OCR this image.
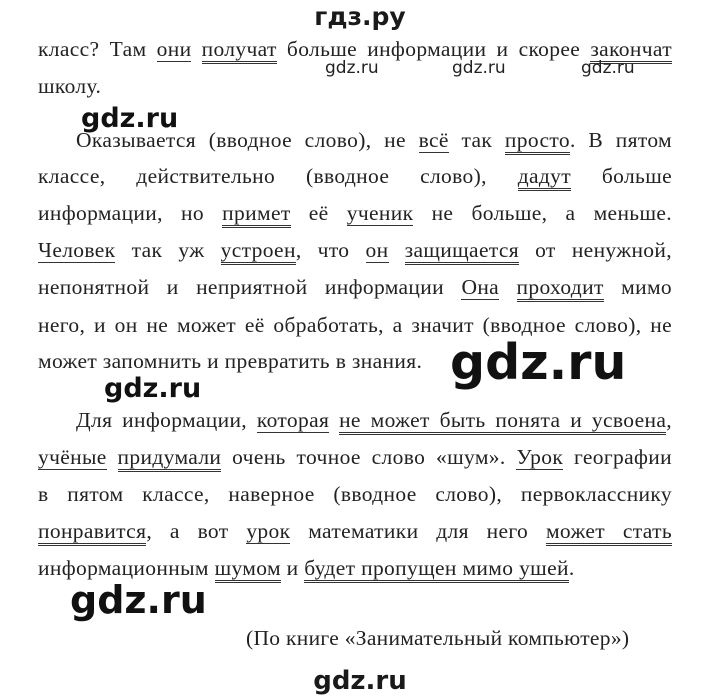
гдз.ру
класс? Там они получат больше информации и скорее закончат
школу.
Оказывается (вводное слово), не всё так просто. В пятом
классе, действительно (вводное слово), дадут больше
информации, но примет её ученик не больше, а меньше.
Человек так уж устроен, что он защищается от ненужной,
непонятной и неприятной информации Она проходит мимо
него, и он не может её обработать, а значит (вводное слово), не
может запомнить и превратить в знания.
Для информации, которая не может быть понята и усвоена,
учёные придумали очень точное слово «шум». Урок географии
в пятом классе, наверное (вводное слово), первокласснику
понравится, а вот урок математики для него может стать
информационным шумом и будет пропущен мимо ушей.
(По книге «Занимательный компьютер»)
gdz.ru	gdz.ru	gdz.ru
gdz.ru
gdz.ru
gdz.ru
gdz.ru
gdz.ru
